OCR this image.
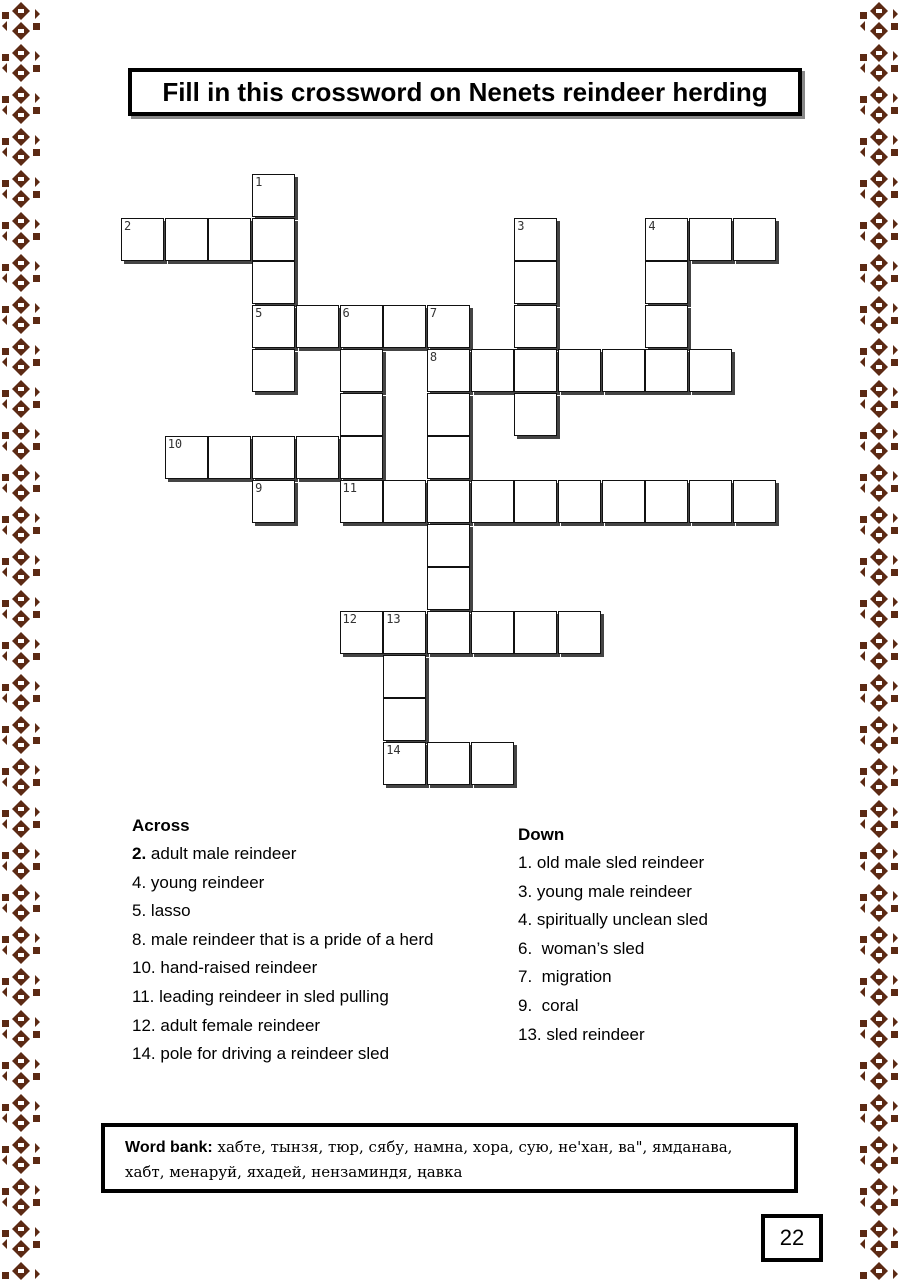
Fill in this crossword on Nenets reindeer herding
1
2	3	4
5	6	7
8
10
9	11
12 13
14
Across
2. adult male reindeer
4. young reindeer
5. lasso
8. male reindeer that is a pride of a herd
10. hand-raised reindeer
11. leading reindeer in sled pulling
12. adult female reindeer
14. pole for driving a reindeer sled
Down
1. old male sled reindeer
3. young male reindeer
4. spiritually unclean sled
6. woman’s sled
7. migration
9. coral
13. sled reindeer
Word bank: хабте, тынзя, тюр, сябу, намна, хора, сую, не'хан, ва", ямданава, хабт, менаруй, яхадей, нензаминдя, ңавка
22
